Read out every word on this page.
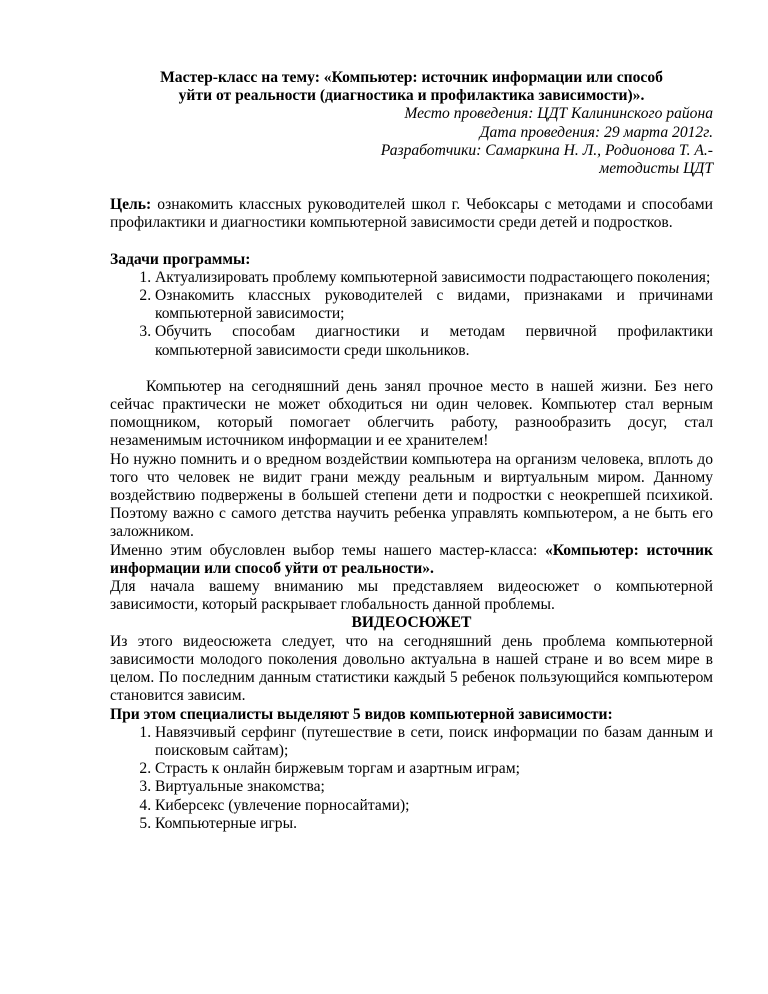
Мастер-класс на тему: «Компьютер: источник информации или способ
уйти от реальности (диагностика и профилактика зависимости)».
Место проведения: ЦДТ Калининского района
Дата проведения: 29 марта 2012г.
Разработчики: Самаркина Н. Л., Родионова Т. А.-
методисты ЦДТ

Цель: ознакомить классных руководителей школ г. Чебоксары с методами и способами профилактики и диагностики компьютерной зависимости среди детей и подростков.

Задачи программы:

1. Актуализировать проблему компьютерной зависимости подрастающего поколения;
2. Ознакомить классных руководителей с видами, признаками и причинами компьютерной зависимости;
3. Обучить способам диагностики и методам первичной профилактики компьютерной зависимости среди школьников.

Компьютер на сегодняшний день занял прочное место в нашей жизни. Без него сейчас практически не может обходиться ни один человек. Компьютер стал верным помощником, который помогает облегчить работу, разнообразить досуг, стал незаменимым источником информации и ее хранителем!

Но нужно помнить и о вредном воздействии компьютера на организм человека, вплоть до того что человек не видит грани между реальным и виртуальным миром. Данному воздействию подвержены в большей степени дети и подростки с неокрепшей психикой. Поэтому важно с самого детства научить ребенка управлять компьютером, а не быть его заложником.

Именно этим обусловлен выбор темы нашего мастер-класса: «Компьютер: источник информации или способ уйти от реальности».

Для начала вашему вниманию мы представляем видеосюжет о компьютерной зависимости, который раскрывает глобальность данной проблемы.

ВИДЕОСЮЖЕТ

Из этого видеосюжета следует, что на сегодняшний день проблема компьютерной зависимости молодого поколения довольно актуальна в нашей стране и во всем мире в целом. По последним данным статистики каждый 5 ребенок пользующийся компьютером становится зависим.

При этом специалисты выделяют 5 видов компьютерной зависимости:

1. Навязчивый серфинг (путешествие в сети, поиск информации по базам данным и поисковым сайтам);
2. Страсть к онлайн биржевым торгам и азартным играм;
3. Виртуальные знакомства;
4. Киберсекс (увлечение порносайтами);
5. Компьютерные игры.
